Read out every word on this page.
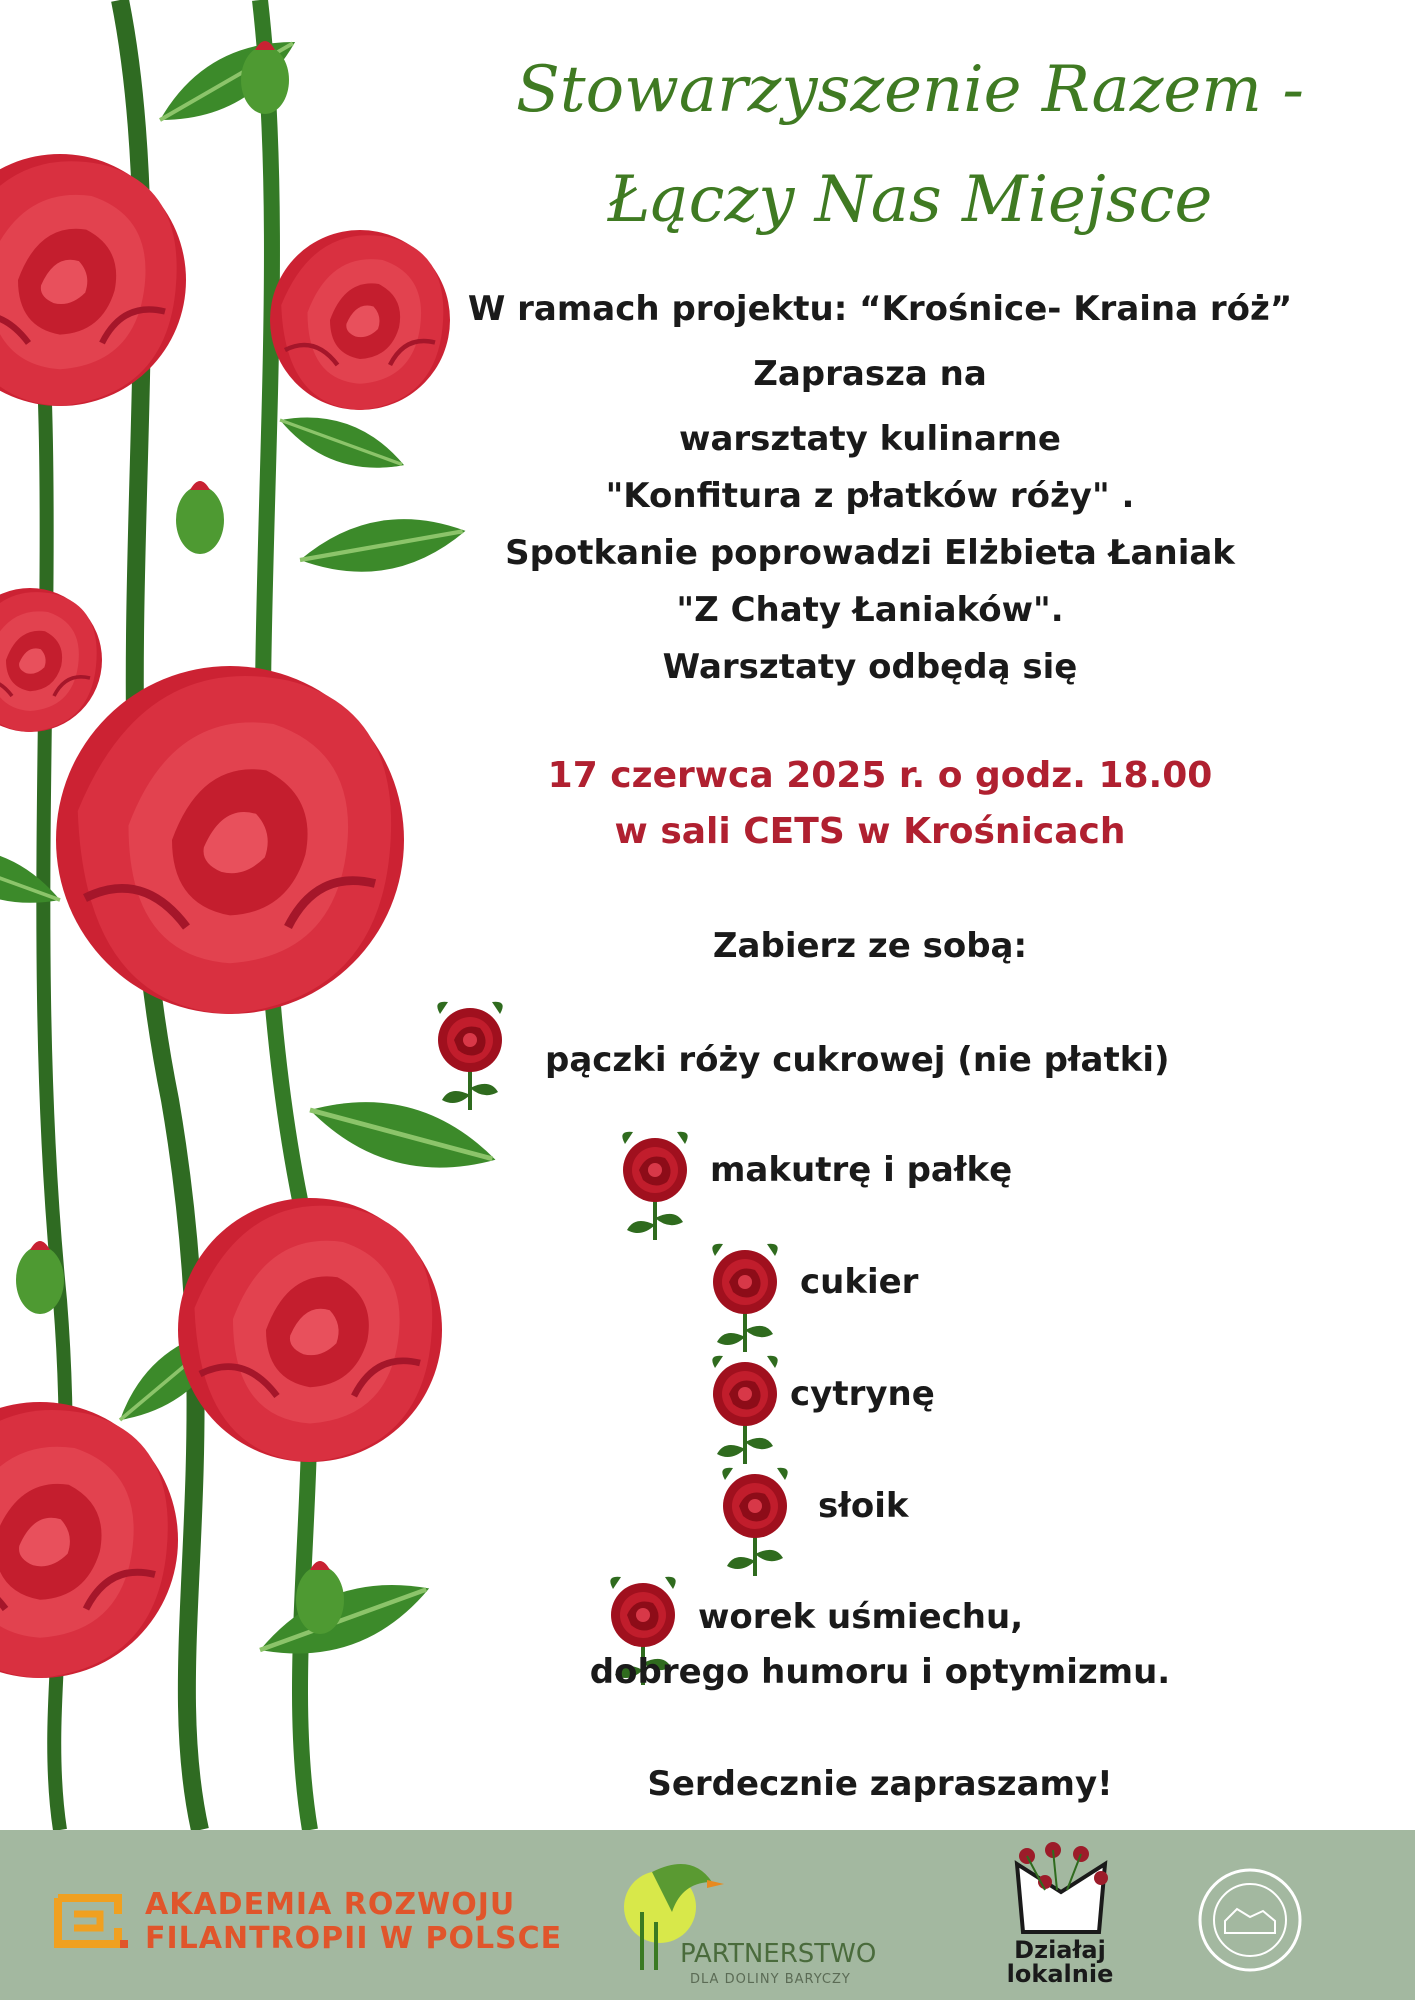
Stowarzyszenie Razem -
Łączy Nas Miejsce
W ramach projektu: “Krośnice- Kraina róż”
Zaprasza na
warsztaty kulinarne
"Konfitura z płatków róży" .
Spotkanie poprowadzi Elżbieta Łaniak
"Z Chaty Łaniaków".
Warsztaty odbędą się
17 czerwca 2025 r. o godz. 18.00
w sali CETS w Krośnicach
Zabierz ze sobą:
pączki róży cukrowej (nie płatki)
makutrę i pałkę
cukier
cytrynę
słoik
worek uśmiechu,
dobrego humoru i optymizmu.
Serdecznie zapraszamy!
AKADEMIA ROZWOJU
FILANTROPII W POLSCE	PARTNERSTWO
DLA DOLINY BARYCZY
Działaj
lokalnie
